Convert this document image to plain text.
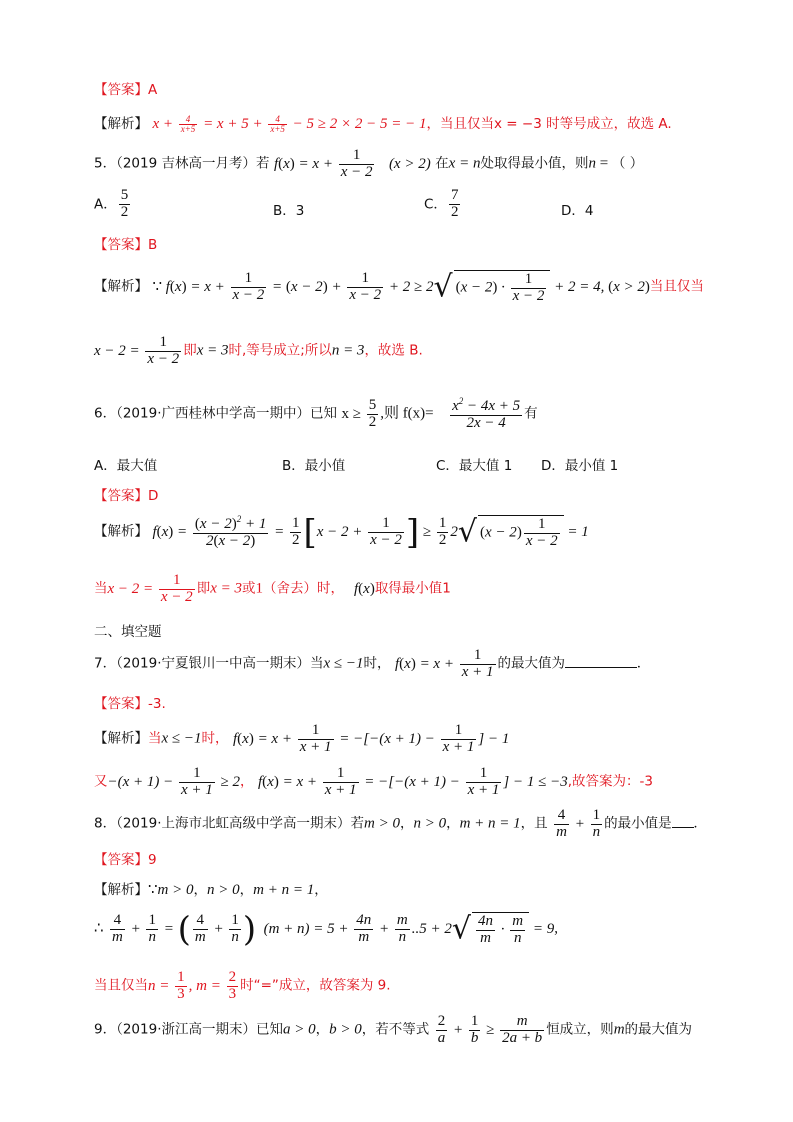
【答案】A
【解析】 $x + \frac{4}{x+5} = x + 5 + \frac{4}{x+5} - 5 \ge 2 \times 2 - 5$ = − 1，当且仅当x = −3 时等号成立，故选 A.
5．（2019 吉林高一月考）若 $f(x) = x + \frac{1}{x - 2} (x > 2)$ 在x = n处取得最小值，则n = （ ）
A． $\frac{5}{2}$	B．3	C． $\frac{7}{2}$	D．4
【答案】B
【解析】 ∵ $f(x) = x + \frac{1}{x - 2} = (x - 2) + \frac{1}{x - 2} + 2 \ge 2√$ $(x - 2) \cdot \frac{1}{x - 2} + 2 = 4$, (x > 2)当且仅当
$x - 2 = \frac{1}{x - 2}$ 即x = 3时,等号成立;所以n = 3，故选 B.
6．（2019·广西桂林中学高一期中）已知 $x \ge \frac{5}{2}$ ,则 $f(x)= \frac{x^2 - 4x + 5}{2x - 4}$ 有
A．最大值	B．最小值	C．最大值 1 D．最小值 1
【答案】D
【解析】 $f(x) = \frac{(x - 2)^2 + 1}{2(x - 2)} = \frac{1}{2} [x - 2 + \frac{1}{x - 2}$ ] ≥ $\frac{1}{2} 2√$ $(x - 2) \frac{1}{x - 2} = 1$
当$x - 2 = \frac{1}{x - 2}$ 即x = 3或1（舍去）时， f(x)取得最小值1
二、填空题
7．（2019·宁夏银川一中高一期末）当x ≤ −1时， $f(x) = x + \frac{1}{x + 1}$ 的最大值为	.
【答案】-3.
【解析】当x ≤ −1时， $f(x) = x + \frac{1}{x + 1} = -[-(x + 1) - \frac{1}{x + 1}$ ] − 1
又$-(x + 1) - \frac{1}{x + 1} \ge 2$， $f(x) = x + \frac{1}{x + 1} = -[-(x + 1) - \frac{1}{x + 1}$ ] − 1 ≤ −3,故答案为：-3
8．（2019·上海市北虹高级中学高一期末）若m > 0，n > 0，m + n = 1，且 $\frac{4}{m} + \frac{1}{n}$ 的最小值是 .
【答案】9
【解析】∵m > 0，n > 0，m + n = 1，
∴ $\frac{4}{m} + \frac{1}{n}$ = ( $\frac{4}{m} + \frac{1}{n}$ )  $(m + n) = 5 + \frac{4n}{m} + \frac{m}{n} ..5 + 2√ \frac{4n}{m} \cdot \frac{m}{n} = 9$,
当且仅当$n = \frac{1}{3}$ , $m = \frac{2}{3}$ 时“=”成立，故答案为 9.
9．（2019·浙江高一期末）已知a > 0，b > 0，若不等式 $\frac{2}{a} + \frac{1}{b} \ge \frac{m}{2a + b}$ 恒成立，则m的最大值为
